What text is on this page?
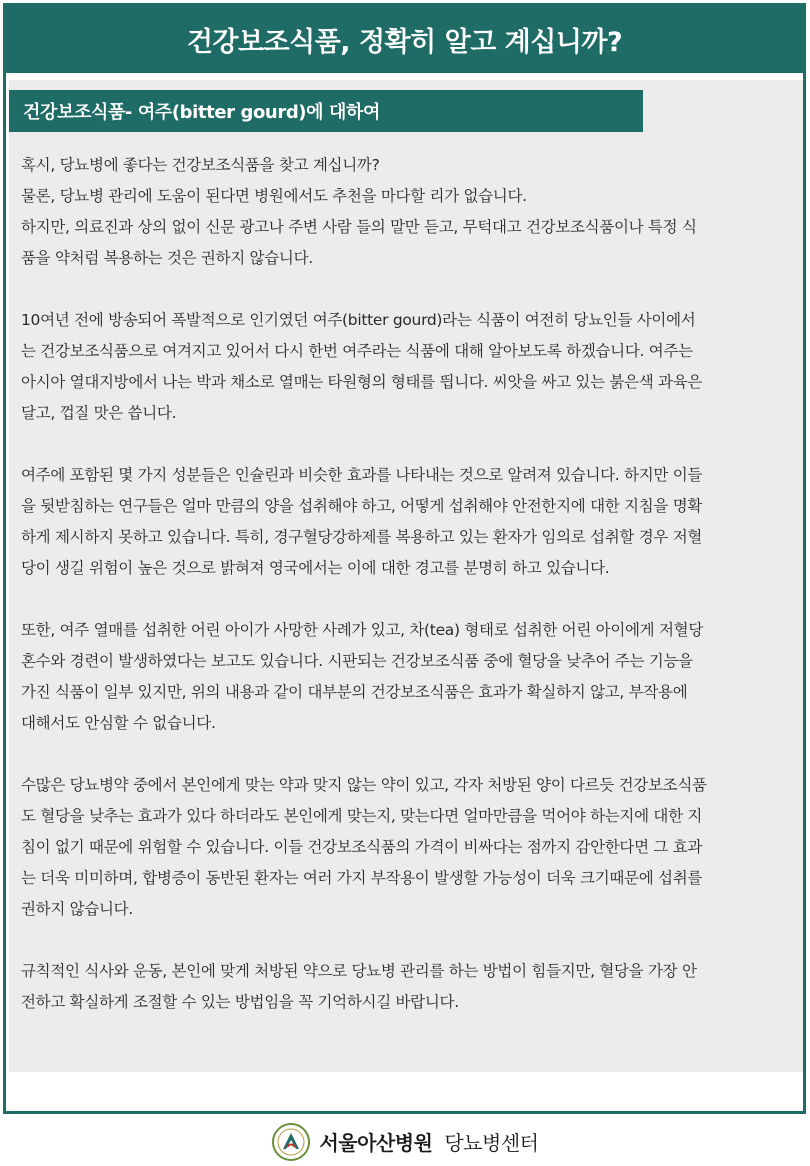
건강보조식품, 정확히 알고 계십니까?
건강보조식품- 여주(bitter gourd)에 대하여
혹시, 당뇨병에 좋다는 건강보조식품을 찾고 계십니까?
물론, 당뇨병 관리에 도움이 된다면 병원에서도 추천을 마다할 리가 없습니다.
하지만, 의료진과 상의 없이 신문 광고나 주변 사람 들의 말만 듣고, 무턱대고 건강보조식품이나 특정 식
품을 약처럼 복용하는 것은 권하지 않습니다.
10여년 전에 방송되어 폭발적으로 인기였던 여주(bitter gourd)라는 식품이 여전히 당뇨인들 사이에서
는 건강보조식품으로 여겨지고 있어서 다시 한번 여주라는 식품에 대해 알아보도록 하겠습니다. 여주는
아시아 열대지방에서 나는 박과 채소로 열매는 타원형의 형태를 띕니다. 씨앗을 싸고 있는 붉은색 과육은
달고, 껍질 맛은 씁니다.
여주에 포함된 몇 가지 성분들은 인슐린과 비슷한 효과를 나타내는 것으로 알려져 있습니다. 하지만 이들
을 뒷받침하는 연구들은 얼마 만큼의 양을 섭취해야 하고, 어떻게 섭취해야 안전한지에 대한 지침을 명확
하게 제시하지 못하고 있습니다. 특히, 경구혈당강하제를 복용하고 있는 환자가 임의로 섭취할 경우 저혈
당이 생길 위험이 높은 것으로 밝혀져 영국에서는 이에 대한 경고를 분명히 하고 있습니다.
또한, 여주 열매를 섭취한 어린 아이가 사망한 사례가 있고, 차(tea) 형태로 섭취한 어린 아이에게 저혈당
혼수와 경련이 발생하였다는 보고도 있습니다. 시판되는 건강보조식품 중에 혈당을 낮추어 주는 기능을
가진 식품이 일부 있지만, 위의 내용과 같이 대부분의 건강보조식품은 효과가 확실하지 않고, 부작용에
대해서도 안심할 수 없습니다.
수많은 당뇨병약 중에서 본인에게 맞는 약과 맞지 않는 약이 있고, 각자 처방된 양이 다르듯 건강보조식품
도 혈당을 낮추는 효과가 있다 하더라도 본인에게 맞는지, 맞는다면 얼마만큼을 먹어야 하는지에 대한 지
침이 없기 때문에 위험할 수 있습니다. 이들 건강보조식품의 가격이 비싸다는 점까지 감안한다면 그 효과
는 더욱 미미하며, 합병증이 동반된 환자는 여러 가지 부작용이 발생할 가능성이 더욱 크기때문에 섭취를
권하지 않습니다.
규칙적인 식사와 운동, 본인에 맞게 처방된 약으로 당뇨병 관리를 하는 방법이 힘들지만, 혈당을 가장 안
전하고 확실하게 조절할 수 있는 방법임을 꼭 기억하시길 바랍니다.
서울아산병원 당뇨병센터
